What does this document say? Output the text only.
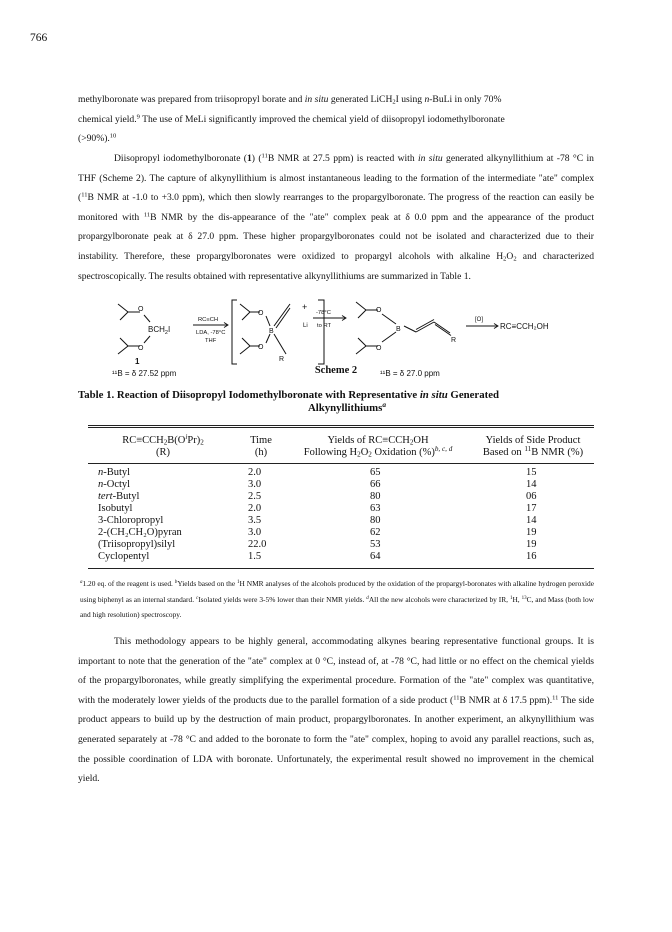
766

methylboronate was prepared from triisopropyl borate and in situ generated LiCH$_2$I using n-BuLi in only 70%
chemical yield.$^9$ The use of MeLi significantly improved the chemical yield of diisopropyl iodomethylboronate
(>90%).$^{10}$

Diisopropyl iodomethylboronate (1) ($^{11}$B NMR at 27.5 ppm) is reacted with in situ generated alkynyllithium at -78 °C in THF (Scheme 2). The capture of alkynyllithium is almost instantaneous leading to the formation of the intermediate "ate" complex ($^{11}$B NMR at -1.0 to +3.0 ppm), which then slowly rearranges to the propargylboronate. The progress of the reaction can easily be monitored with $^{11}$B NMR by the dis-appearance of the "ate" complex peak at δ 0.0 ppm and the appearance of the product propargylboronate peak at δ 27.0 ppm. These higher propargylboronates could not be isolated and characterized due to their instability. Therefore, these propargylboronates were oxidized to propargyl alcohols with alkaline $H_2O_2$ and characterized spectroscopically. The results obtained with representative alkynyllithiums are summarized in Table 1.

O
O
$BCH_2I$
1
¹¹B = δ 27.52 ppm
RC≡CH
LDA, -78°C
THF
O
O
B
R
+
Li
-78°C
to RT
O
O
B
R
¹¹B = δ 27.0 ppm
[O]
RC≡CCH₂OH
Scheme 2
Table 1. Reaction of Diisopropyl Iodomethylboronate with Representative in situ Generated
Alkynyllithiums$^a$
$RC\equiv CCH_2B(O^iPr)_2$
(R)
Time
(h)
Yields of $RC\equiv CCH_2OH$
Following $H_2O_2$ Oxidation (%)$^{b, c, d}$
Yields of Side Product
Based on $^{11}$B NMR (%)
n-Butyl	2.0	65	15
n-Octyl	3.0	66	14
tert-Butyl	2.5	80	06
Isobutyl	2.0	63	17
3-Chloropropyl	3.5	80	14
2-(CH₂CH₂O)pyran	3.0	62	19
(Triisopropyl)silyl	22.0	53	19
Cyclopentyl	1.5	64	16

$^a$1.20 eq. of the reagent is used. $^b$Yields based on the $^1$H NMR analyses of the alcohols produced by the oxidation of the propargyl-boronates with alkaline hydrogen peroxide using biphenyl as an internal standard. $^c$Isolated yields were 3-5% lower than their NMR yields. $^d$All the new alcohols were characterized by IR, $^1$H, $^{13}$C, and Mass (both low and high resolution) spectroscopy.

This methodology appears to be highly general, accommodating alkynes bearing representative functional groups. It is important to note that the generation of the "ate" complex at 0 °C, instead of, at -78 °C, had little or no effect on the chemical yields of the propargylboronates, while greatly simplifying the experimental procedure. Formation of the "ate" complex was quantitative, with the moderately lower yields of the products due to the parallel formation of a side product ($^{11}$B NMR at δ 17.5 ppm).$^{11}$ The side product appears to build up by the destruction of main product, propargylboronates. In another experiment, an alkynyllithium was generated separately at -78 °C and added to the boronate to form the "ate" complex, hoping to avoid any parallel reactions, such as, the possible coordination of LDA with boronate. Unfortunately, the experimental result showed no improvement in the chemical yield.
